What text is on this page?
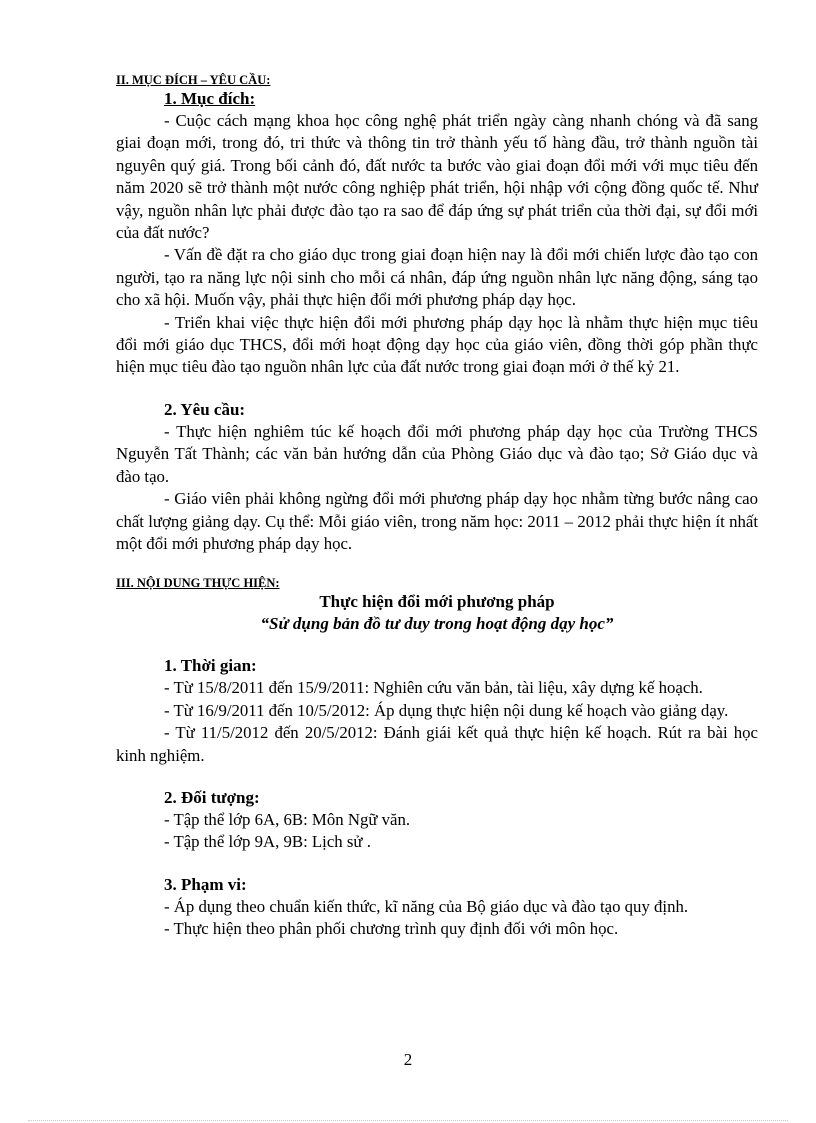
II. MỤC ĐÍCH – YÊU CẦU:
1. Mục đích:

- Cuộc cách mạng khoa học công nghệ phát triển ngày càng nhanh chóng và đã sang giai đoạn mới, trong đó, tri thức và thông tin trở thành yếu tố hàng đầu, trở thành nguồn tài nguyên quý giá. Trong bối cảnh đó, đất nước ta bước vào giai đoạn đổi mới với mục tiêu đến năm 2020 sẽ trở thành một nước công nghiệp phát triển, hội nhập với cộng đồng quốc tế. Như vậy, nguồn nhân lực phải được đào tạo ra sao để đáp ứng sự phát triển của thời đại, sự đổi mới của đất nước?

- Vấn đề đặt ra cho giáo dục trong giai đoạn hiện nay là đổi mới chiến lược đào tạo con người, tạo ra năng lực nội sinh cho mỗi cá nhân, đáp ứng nguồn nhân lực năng động, sáng tạo cho xã hội. Muốn vậy, phải thực hiện đổi mới phương pháp dạy học.

- Triển khai việc thực hiện đổi mới phương pháp dạy học là nhằm thực hiện mục tiêu đổi mới giáo dục THCS, đổi mới hoạt động dạy học của giáo viên, đồng thời góp phần thực hiện mục tiêu đào tạo nguồn nhân lực của đất nước trong giai đoạn mới ở thế kỷ 21.

2. Yêu cầu:

- Thực hiện nghiêm túc kế hoạch đổi mới phương pháp dạy học của Trường THCS Nguyễn Tất Thành; các văn bản hướng dẫn của Phòng Giáo dục và đào tạo; Sở Giáo dục và đào tạo.

- Giáo viên phải không ngừng đổi mới phương pháp dạy học nhằm từng bước nâng cao chất lượng giảng dạy. Cụ thể: Mỗi giáo viên, trong năm học: 2011 – 2012 phải thực hiện ít nhất một đổi mới phương pháp dạy học.

III. NỘI DUNG THỰC HIỆN:
Thực hiện đổi mới phương pháp
“Sử dụng bản đồ tư duy trong hoạt động dạy học”
1. Thời gian:

- Từ 15/8/2011 đến 15/9/2011: Nghiên cứu văn bản, tài liệu, xây dựng kế hoạch.

- Từ 16/9/2011 đến 10/5/2012: Áp dụng thực hiện nội dung kế hoạch vào giảng dạy.

- Từ 11/5/2012 đến 20/5/2012: Đánh giái kết quả thực hiện kế hoạch. Rút ra bài học kinh nghiệm.

2. Đối tượng:

- Tập thể lớp 6A, 6B: Môn Ngữ văn.

- Tập thể lớp 9A, 9B: Lịch sử .

3. Phạm vi:

- Áp dụng theo chuẩn kiến thức, kĩ năng của Bộ giáo dục và đào tạo quy định.

- Thực hiện theo phân phối chương trình quy định đối với môn học.

2
